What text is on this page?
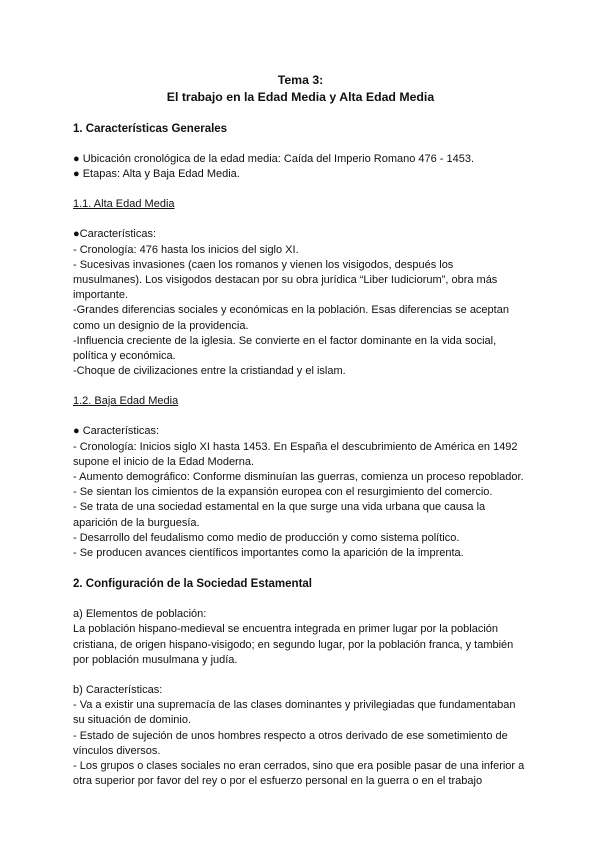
Tema 3:
El trabajo en la Edad Media y Alta Edad Media
1. Características Generales

● Ubicación cronológica de la edad media: Caída del Imperio Romano 476 - 1453.

● Etapas: Alta y Baja Edad Media.

1.1. Alta Edad Media

●Características:

- Cronología: 476 hasta los inicios del siglo XI.

- Sucesivas invasiones (caen los romanos y vienen los visigodos, después los

musulmanes). Los visigodos destacan por su obra jurídica “Liber Iudiciorum”, obra más

importante.

-Grandes diferencias sociales y económicas en la población. Esas diferencias se aceptan

como un designio de la providencia.

-Influencia creciente de la iglesia. Se convierte en el factor dominante en la vida social,

política y económica.

-Choque de civilizaciones entre la cristiandad y el islam.

1.2. Baja Edad Media

● Características:

- Cronología: Inicios siglo XI hasta 1453. En España el descubrimiento de América en 1492

supone el inicio de la Edad Moderna.

- Aumento demográfico: Conforme disminuían las guerras, comienza un proceso repoblador.

- Se sientan los cimientos de la expansión europea con el resurgimiento del comercio.

- Se trata de una sociedad estamental en la que surge una vida urbana que causa la

aparición de la burguesía.

- Desarrollo del feudalismo como medio de producción y como sistema político.

- Se producen avances científicos importantes como la aparición de la imprenta.

2. Configuración de la Sociedad Estamental

a) Elementos de población:

La población hispano-medieval se encuentra integrada en primer lugar por la población

cristiana, de origen hispano-visigodo; en segundo lugar, por la población franca, y también

por población musulmana y judía.

b) Características:

- Va a existir una supremacía de las clases dominantes y privilegiadas que fundamentaban

su situación de dominio.

- Estado de sujeción de unos hombres respecto a otros derivado de ese sometimiento de

vínculos diversos.

- Los grupos o clases sociales no eran cerrados, sino que era posible pasar de una inferior a

otra superior por favor del rey o por el esfuerzo personal en la guerra o en el trabajo
